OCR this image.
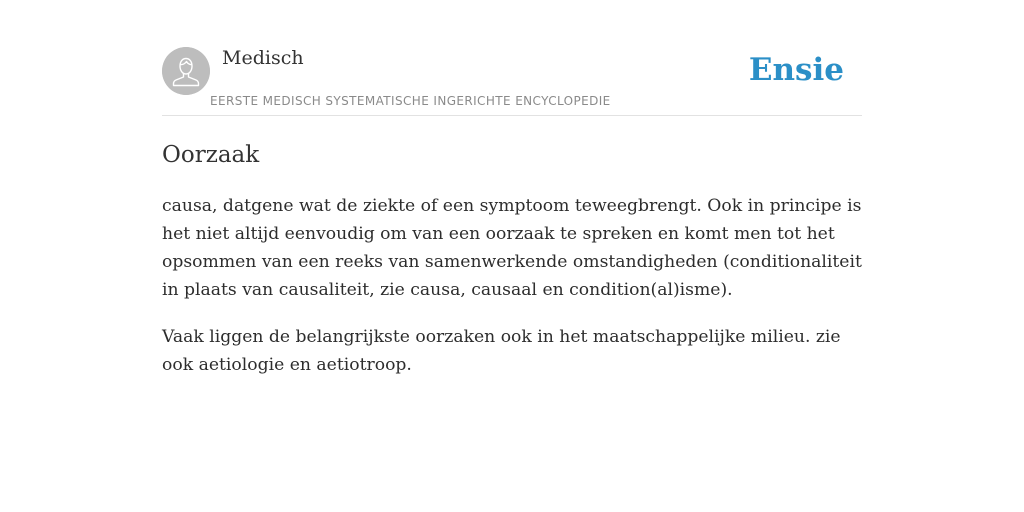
Medisch
EERSTE MEDISCH SYSTEMATISCHE INGERICHTE ENCYCLOPEDIE
Ensie
Oorzaak

causa, datgene wat de ziekte of een symptoom teweegbrengt. Ook in principe is het niet altijd eenvoudig om van een oorzaak te spreken en komt men tot het opsommen van een reeks van samenwerkende omstandigheden (conditionaliteit in plaats van causaliteit, zie causa, causaal en condition(al)isme).

Vaak liggen de belangrijkste oorzaken ook in het maatschappelijke milieu. zie ook aetiologie en aetiotroop.
